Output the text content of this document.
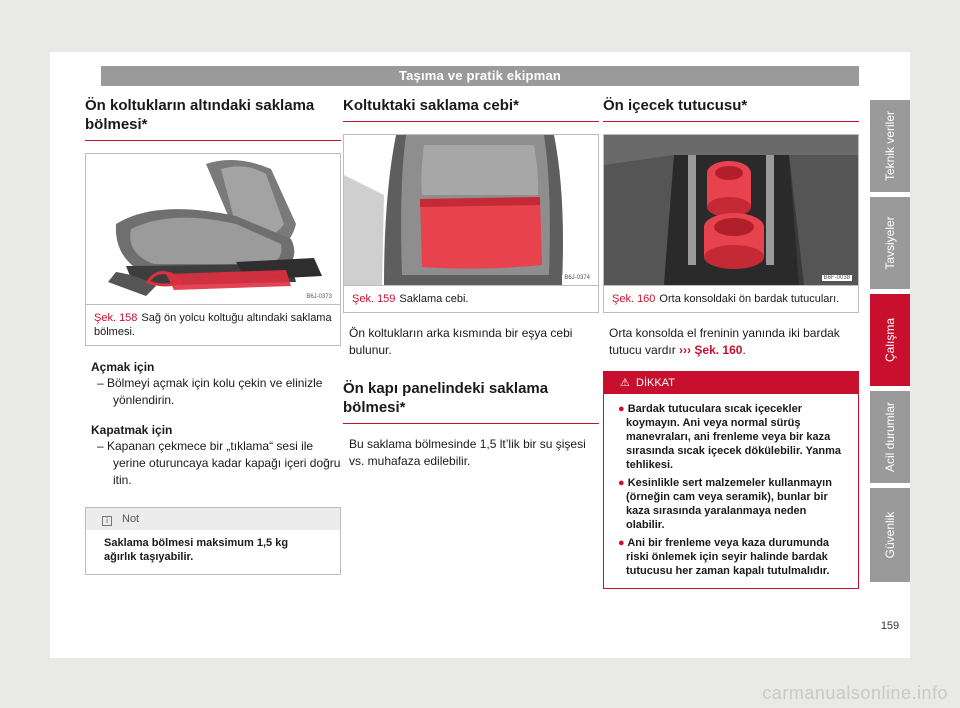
Taşıma ve pratik ekipman
Ön koltukların altındaki saklama bölmesi*
B6J-0373
Şek. 158 Sağ ön yolcu koltuğu altındaki saklama bölmesi.
Açmak için
– Bölmeyi açmak için kolu çekin ve elinizle yönlendirin.
Kapatmak için
– Kapanan çekmece bir „tıklama“ sesi ile yerine oturuncaya kadar kapağı içeri doğru itin.
i Not
Saklama bölmesi maksimum 1,5 kg ağırlık taşıyabilir.
Koltuktaki saklama cebi*
B6J-0374
Şek. 159 Saklama cebi.
Ön koltukların arka kısmında bir eşya cebi bulunur.
Ön kapı panelindeki saklama bölmesi*
Bu saklama bölmesinde 1,5 lt’lik bir su şişesi vs. muhafaza edilebilir.
Ön içecek tutucusu*
B6F-0038
Şek. 160 Orta konsoldaki ön bardak tutucuları.
Orta konsolda el freninin yanında iki bardak tutucu vardır ››› Şek. 160.
⚠ DİKKAT
● Bardak tutuculara sıcak içecekler koymayın. Ani veya normal sürüş manevraları, ani frenleme veya bir kaza sırasında sıcak içecek dökülebilir. Yanma tehlikesi.
● Kesinlikle sert malzemeler kullanmayın (örneğin cam veya seramik), bunlar bir kaza sırasında yaralanmaya neden olabilir.
● Ani bir frenleme veya kaza durumunda riski önlemek için seyir halinde bardak tutucusu her zaman kapalı tutulmalıdır.
Teknik veriler
Tavsiyeler
Çalışma
Acil durumlar
Güvenlik
159
carmanualsonline.info
